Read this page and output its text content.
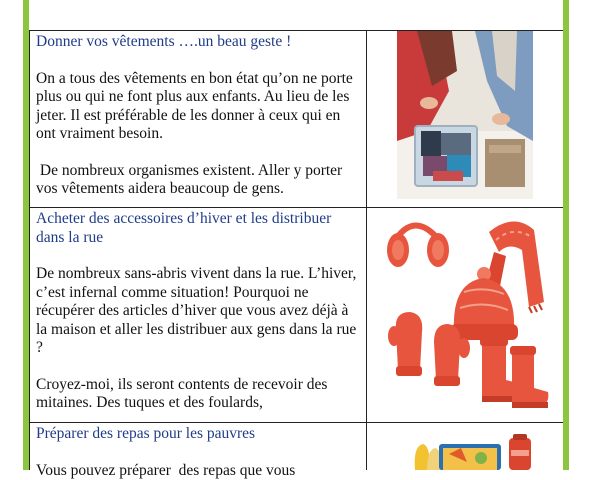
Donner vos vêtements ….un beau geste !

On a tous des vêtements en bon état qu’on ne porte plus ou qui ne font plus aux enfants. Au lieu de les jeter. Il est préférable de les donner à ceux qui en ont vraiment besoin.

De nombreux organismes existent. Aller y porter vos vêtements aidera beaucoup de gens.

Acheter des accessoires d’hiver et les distribuer dans la rue

De nombreux sans-abris vivent dans la rue. L’hiver, c’est infernal comme situation! Pourquoi ne récupérer des articles d’hiver que vous avez déjà à la maison et aller les distribuer aux gens dans la rue ?

Croyez-moi, ils seront contents de recevoir des mitaines. Des tuques et des foulards,

Préparer des repas pour les pauvres

Vous pouvez préparer  des repas que vous
